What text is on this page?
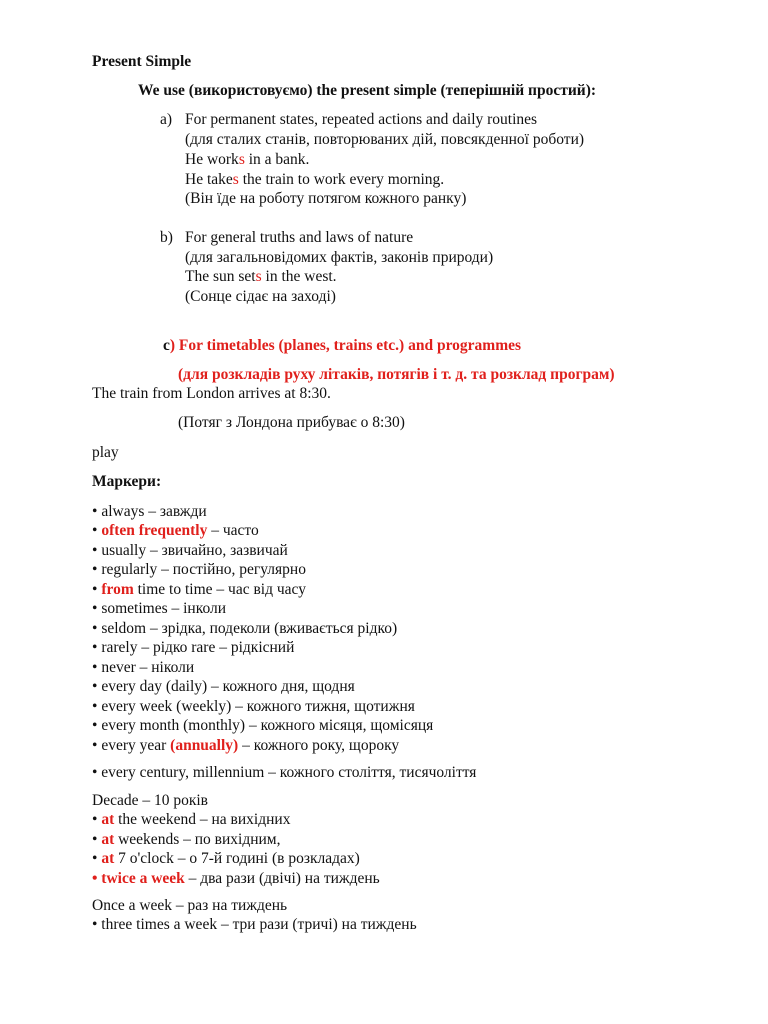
Present Simple
We use (використовуємо) the present simple (теперішній простий):
a) For permanent states, repeated actions and daily routines
(для сталих станів, повторюваних дій, повсякденної роботи)
He works in a bank.
He takes the train to work every morning.
(Він їде на роботу потягом кожного ранку)
b) For general truths and laws of nature
(для загальновідомих фактів, законів природи)
The sun sets in the west.
(Сонце сідає на заході)
c) For timetables (planes, trains etc.) and programmes
(для розкладів руху літаків, потягів і т. д. та розклад програм)
The train from London arrives at 8:30.
(Потяг з Лондона прибуває о 8:30)
play
Маркери:
• always – завжди
• often frequently – часто
• usually – звичайно, зазвичай
• regularly – постійно, регулярно
• from time to time – час від часу
• sometimes – інколи
• seldom – зрідка, подеколи (вживається рідко)
• rarely – рідко rare – рідкісний
• never – ніколи
• every day (daily) – кожного дня, щодня
• every week (weekly) – кожного тижня, щотижня
• every month (monthly) – кожного місяця, щомісяця
• every year (annually) – кожного року, щороку
• every century, millennium – кожного століття, тисячоліття
Decade – 10 років
• at the weekend – на вихідних
• at weekends – по вихідним,
• at 7 o'clock – о 7-й годині (в розкладах)
• twice a week – два рази (двічі) на тиждень
Once a week – раз на тиждень
• three times a week – три рази (тричі) на тиждень
